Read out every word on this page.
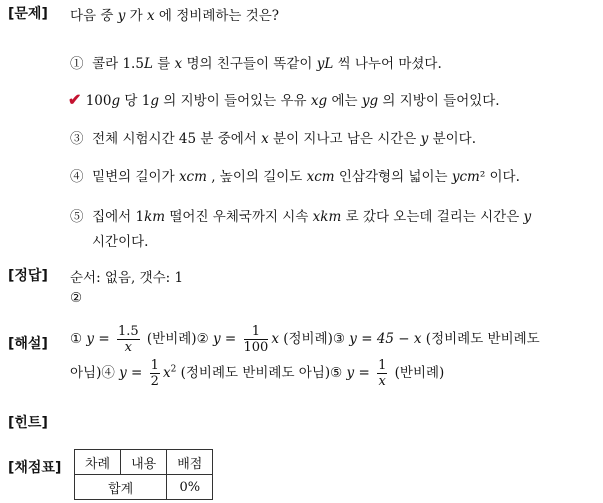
[문제]
[정답]
[해설]
[힌트]
[채점표]
다음 중 y 가 x 에 정비례하는 것은?
① 콜라 1.5L 를 x 명의 친구들이 똑같이 yL 씩 나누어 마셨다.
✔ 100g 당 1g 의 지방이 들어있는 우유 xg 에는 yg 의 지방이 들어있다.
③ 전체 시험시간 45 분 중에서 x 분이 지나고 남은 시간은 y 분이다.
④ 밑변의 길이가 xcm , 높이의 길이도 xcm 인삼각형의 넓이는 ycm² 이다.
⑤ 집에서 1km 떨어진 우체국까지 시속 xkm 로 갔다 오는데 걸리는 시간은 y
시간이다.
순서: 없음, 갯수: 1
②
① $y = \frac{1.5}{x}$ (반비례)② $y = \frac{1}{100}$ x (정비례)③ y = 45 − x (정비례도 반비례도
아님)④ $y = \frac{1}{2} x^2$ (정비례도 반비례도 아님)⑤ $y = \frac{1}{x}$ (반비례)
차례	내용	배점
합계		0%
